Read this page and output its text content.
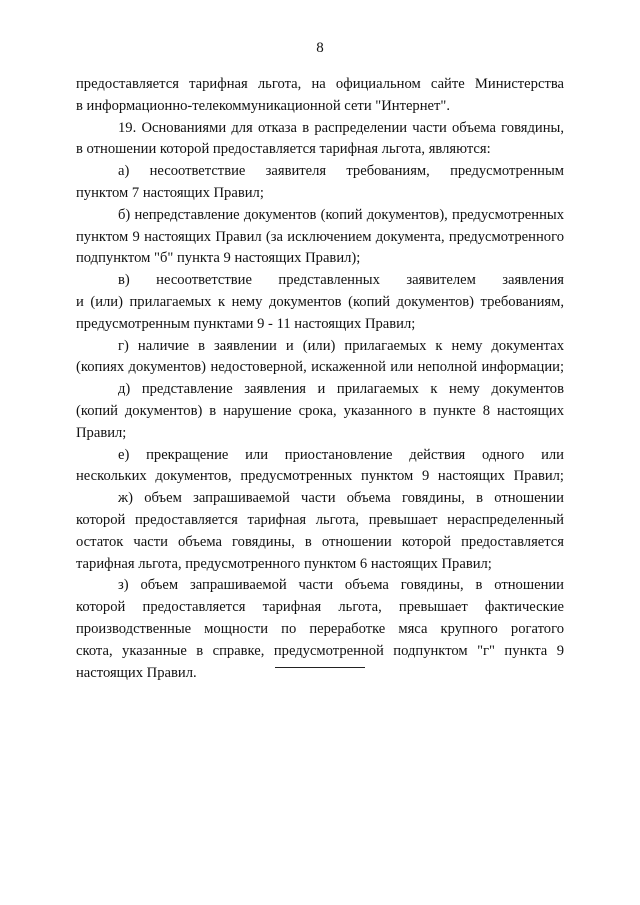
8
предоставляется тарифная льгота, на официальном сайте Министерства
в информационно-телекоммуникационной сети "Интернет".
19. Основаниями для отказа в распределении части объема говядины,
в отношении которой предоставляется тарифная льгота, являются:
а) несоответствие заявителя требованиям, предусмотренным
пунктом 7 настоящих Правил;
б) непредставление документов (копий документов), предусмотренных
пунктом 9 настоящих Правил (за исключением документа, предусмотренного
подпунктом "б" пункта 9 настоящих Правил);
в) несоответствие представленных заявителем заявления
и (или) прилагаемых к нему документов (копий документов) требованиям,
предусмотренным пунктами 9 - 11 настоящих Правил;
г) наличие в заявлении и (или) прилагаемых к нему документах
(копиях документов) недостоверной, искаженной или неполной информации;
д) представление заявления и прилагаемых к нему документов
(копий документов) в нарушение срока, указанного в пункте 8 настоящих
Правил;
е) прекращение или приостановление действия одного или
нескольких документов, предусмотренных пунктом 9 настоящих Правил;
ж) объем запрашиваемой части объема говядины, в отношении
которой предоставляется тарифная льгота, превышает нераспределенный
остаток части объема говядины, в отношении которой предоставляется
тарифная льгота, предусмотренного пунктом 6 настоящих Правил;
з) объем запрашиваемой части объема говядины, в отношении
которой предоставляется тарифная льгота, превышает фактические
производственные мощности по переработке мяса крупного рогатого
скота, указанные в справке, предусмотренной подпунктом "г" пункта 9
настоящих Правил.
